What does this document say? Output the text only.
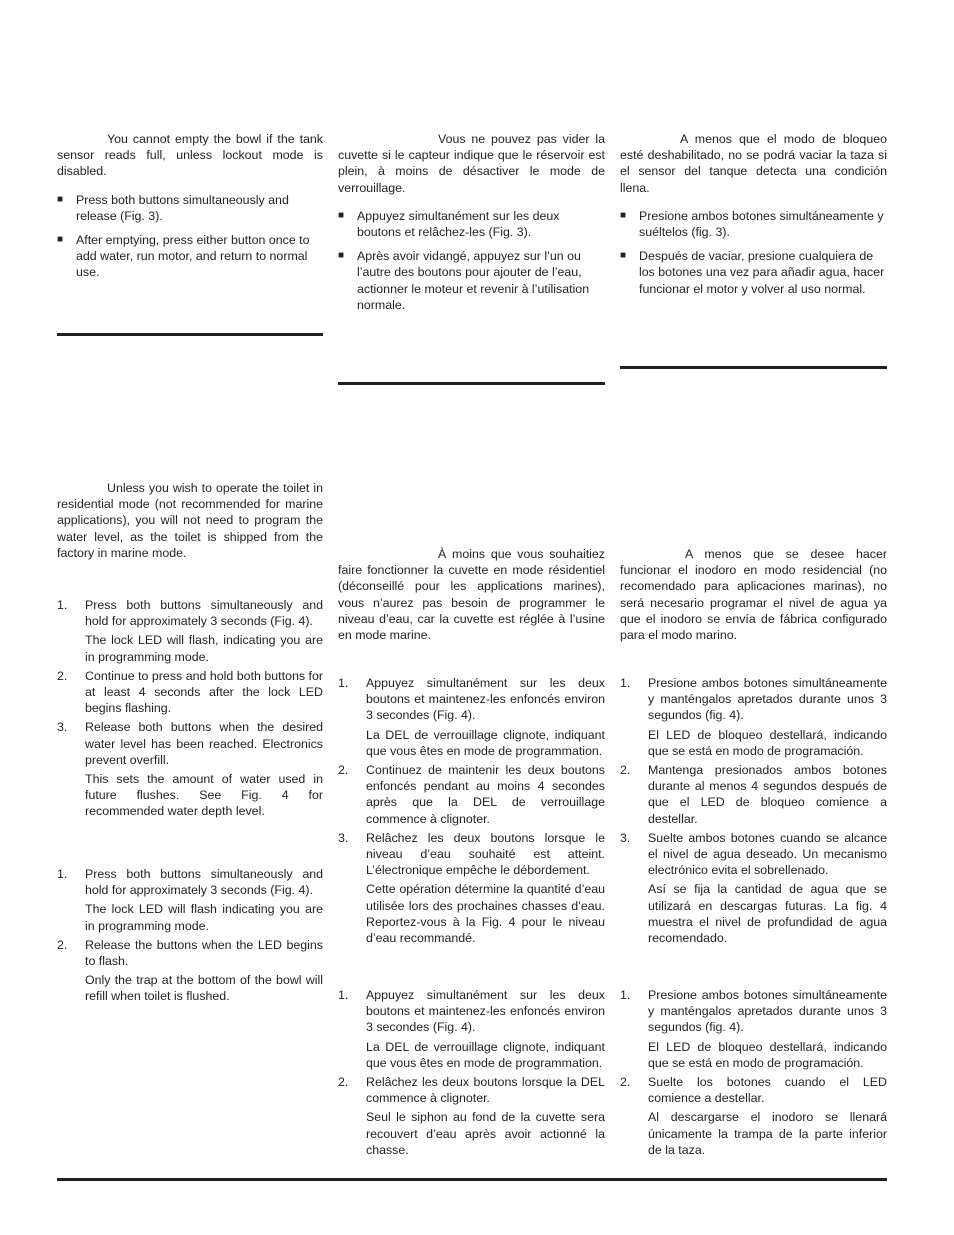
You cannot empty the bowl if the tank sensor reads full, unless lockout mode is disabled.

■ Press both buttons simultaneously and release (Fig. 3).
■ After emptying, press either button once to add water, run motor, and return to normal use.

Unless you wish to operate the toilet in residential mode (not recommended for marine applications), you will not need to program the water level, as the toilet is shipped from the factory in marine mode.

1. Press both buttons simultaneously and hold for approximately 3 seconds (Fig. 4).

The lock LED will flash, indicating you are in programming mode.

2. Continue to press and hold both buttons for at least 4 seconds after the lock LED begins flashing.

3. Release both buttons when the desired water level has been reached. Electronics prevent overfill.

This sets the amount of water used in future flushes. See Fig. 4 for recommended water depth level.

1. Press both buttons simultaneously and hold for approximately 3 seconds (Fig. 4).

The lock LED will flash indicating you are in programming mode.

2. Release the buttons when the LED begins to flash.

Only the trap at the bottom of the bowl will refill when toilet is flushed.

Vous ne pouvez pas vider la cuvette si le capteur indique que le réservoir est plein, à moins de désactiver le mode de verrouillage.

■ Appuyez simultanément sur les deux boutons et relâchez-les (Fig. 3).
■ Après avoir vidangé, appuyez sur l’un ou l’autre des boutons pour ajouter de l’eau, actionner le moteur et revenir à l’utilisation normale.

À moins que vous souhaitiez faire fonctionner la cuvette en mode résidentiel (déconseillé pour les applications marines), vous n’aurez pas besoin de programmer le niveau d’eau, car la cuvette est réglée à l’usine en mode marine.

1. Appuyez simultanément sur les deux boutons et maintenez-les enfoncés environ 3 secondes (Fig. 4).

La DEL de verrouillage clignote, indiquant que vous êtes en mode de programmation.

2. Continuez de maintenir les deux boutons enfoncés pendant au moins 4 secondes après que la DEL de verrouillage commence à clignoter.

3. Relâchez les deux boutons lorsque le niveau d’eau souhaité est atteint. L’électronique empêche le débordement.

Cette opération détermine la quantité d’eau utilisée lors des prochaines chasses d’eau. Reportez-vous à la Fig. 4 pour le niveau d’eau recommandé.

1. Appuyez simultanément sur les deux boutons et maintenez-les enfoncés environ 3 secondes (Fig. 4).

La DEL de verrouillage clignote, indiquant que vous êtes en mode de programmation.

2. Relâchez les deux boutons lorsque la DEL commence à clignoter.

Seul le siphon au fond de la cuvette sera recouvert d’eau après avoir actionné la chasse.

A menos que el modo de bloqueo esté deshabilitado, no se podrá vaciar la taza si el sensor del tanque detecta una condición llena.

■ Presione ambos botones simultáneamente y suéltelos (fig. 3).
■ Después de vaciar, presione cualquiera de los botones una vez para añadir agua, hacer funcionar el motor y volver al uso normal.

A menos que se desee hacer funcionar el inodoro en modo residencial (no recomendado para aplicaciones marinas), no será necesario programar el nivel de agua ya que el inodoro se envía de fábrica configurado para el modo marino.

1. Presione ambos botones simultáneamente y manténgalos apretados durante unos 3 segundos (fig. 4).

El LED de bloqueo destellará, indicando que se está en modo de programación.

2. Mantenga presionados ambos botones durante al menos 4 segundos después de que el LED de bloqueo comience a destellar.

3. Suelte ambos botones cuando se alcance el nivel de agua deseado. Un mecanismo electrónico evita el sobrellenado.

Así se fija la cantidad de agua que se utilizará en descargas futuras. La fig. 4 muestra el nivel de profundidad de agua recomendado.

1. Presione ambos botones simultáneamente y manténgalos apretados durante unos 3 segundos (fig. 4).

El LED de bloqueo destellará, indicando que se está en modo de programación.

2. Suelte los botones cuando el LED comience a destellar.

Al descargarse el inodoro se llenará únicamente la trampa de la parte inferior de la taza.
